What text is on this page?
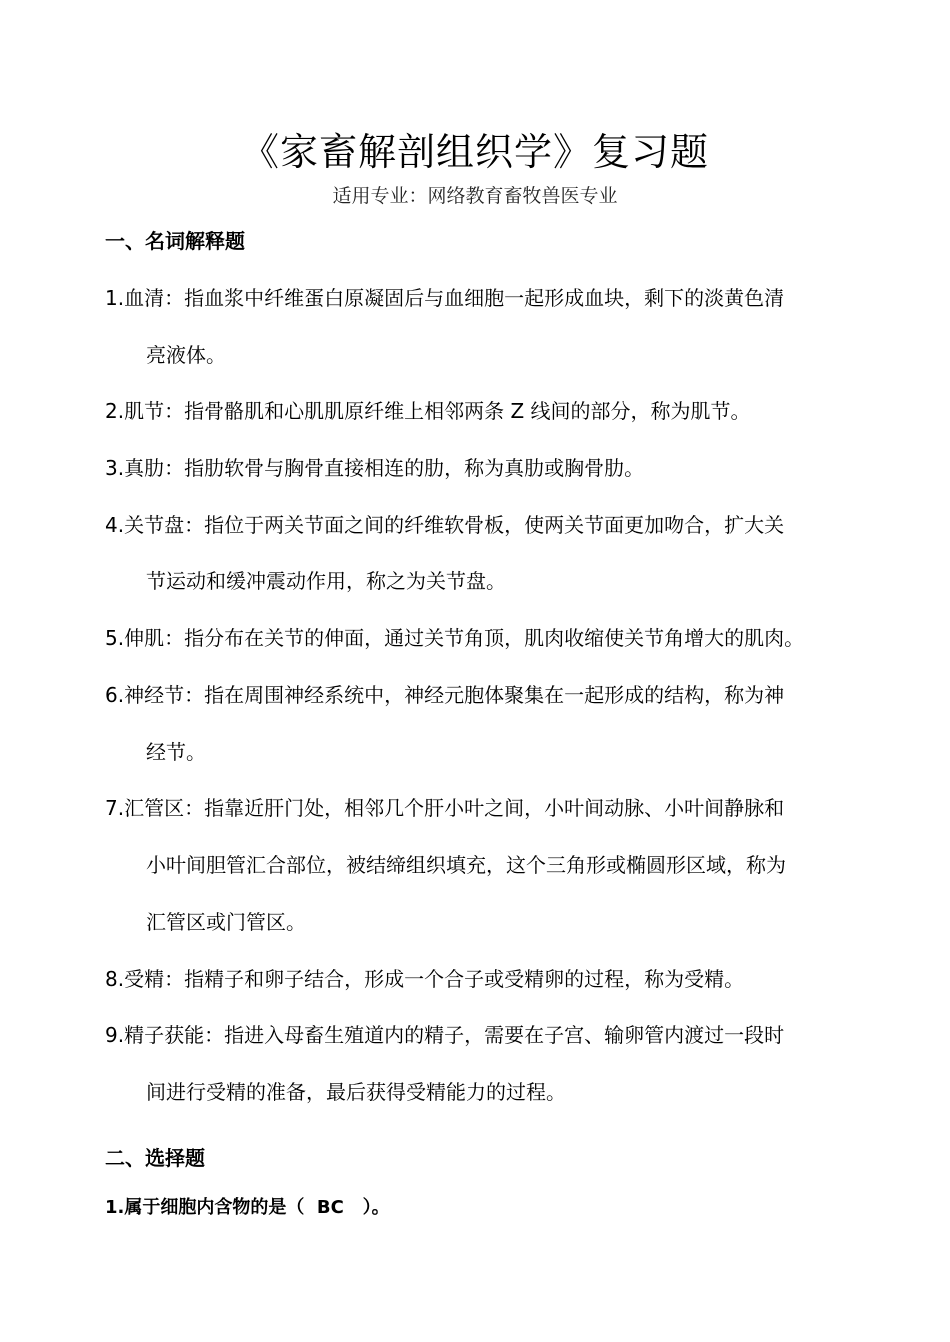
《家畜解剖组织学》复习题
适用专业：网络教育畜牧兽医专业
一、名词解释题
1.血清：指血浆中纤维蛋白原凝固后与血细胞一起形成血块，剩下的淡黄色清
亮液体。
2.肌节：指骨骼肌和心肌肌原纤维上相邻两条 Z 线间的部分，称为肌节。
3.真肋：指肋软骨与胸骨直接相连的肋，称为真肋或胸骨肋。
4.关节盘：指位于两关节面之间的纤维软骨板，使两关节面更加吻合，扩大关
节运动和缓冲震动作用，称之为关节盘。
5.伸肌：指分布在关节的伸面，通过关节角顶，肌肉收缩使关节角增大的肌肉。
6.神经节：指在周围神经系统中，神经元胞体聚集在一起形成的结构，称为神
经节。
7.汇管区：指靠近肝门处，相邻几个肝小叶之间，小叶间动脉、小叶间静脉和
小叶间胆管汇合部位，被结缔组织填充，这个三角形或椭圆形区域，称为
汇管区或门管区。
8.受精：指精子和卵子结合，形成一个合子或受精卵的过程，称为受精。
9.精子获能：指进入母畜生殖道内的精子，需要在子宫、输卵管内渡过一段时
间进行受精的准备，最后获得受精能力的过程。
二、选择题
1.属于细胞内含物的是（  BC   ）。
